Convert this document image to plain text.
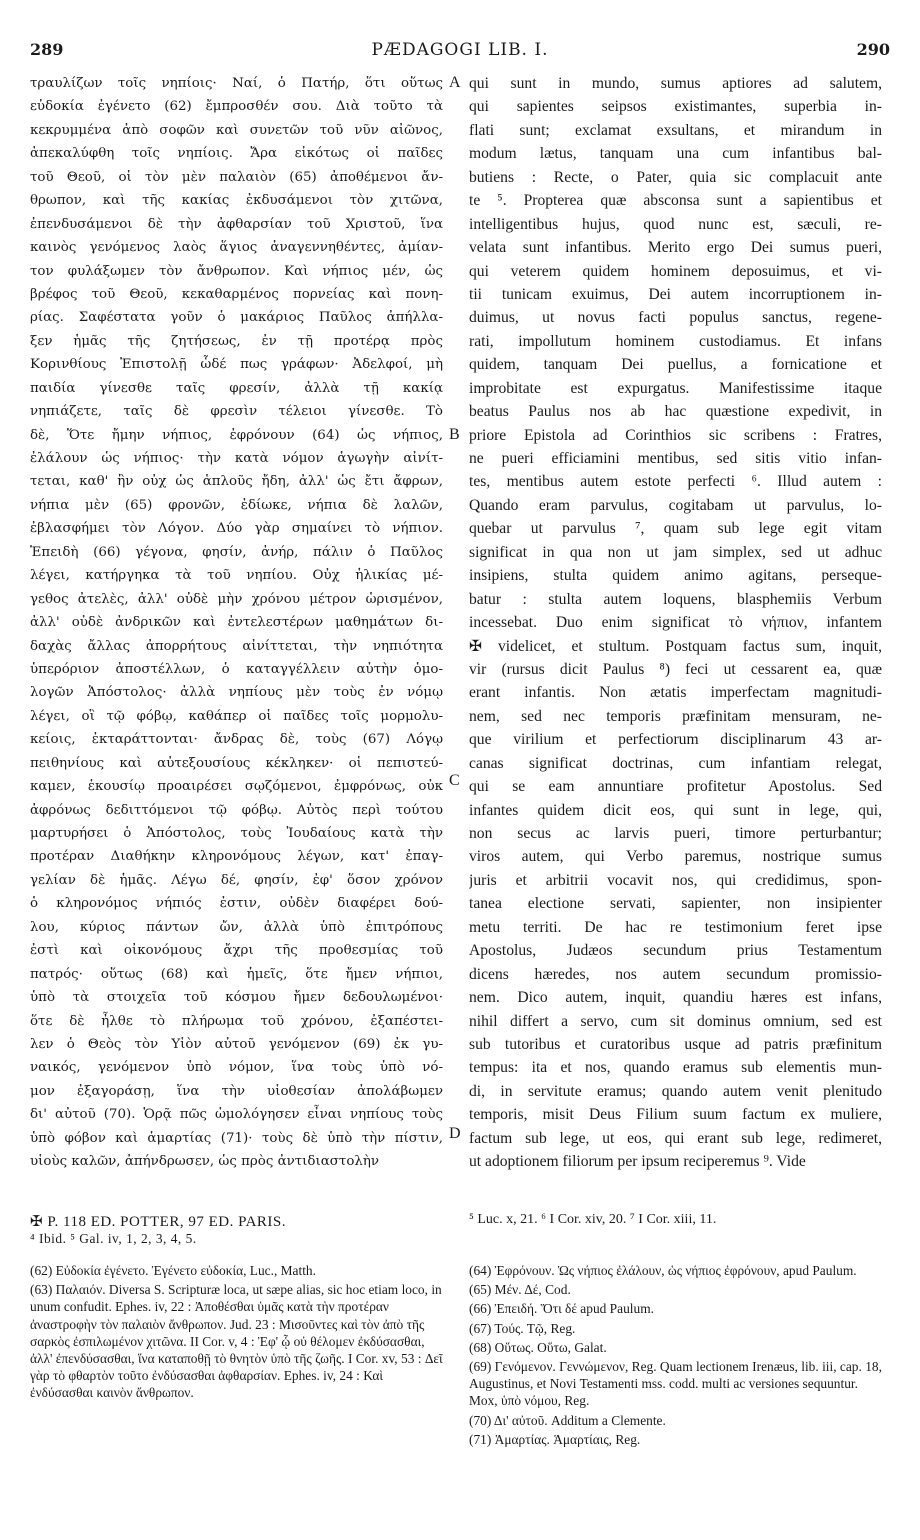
289	PÆDAGOGI LIB. I.	290
τραυλίζων τοῖς νηπίοις· Ναί, ὁ Πατήρ, ὅτι οὕτως
εὐδοκία ἐγένετο (62) ἔμπροσθέν σου. Διὰ τοῦτο τὰ
κεκρυμμένα ἀπὸ σοφῶν καὶ συνετῶν τοῦ νῦν αἰῶνος,
ἀπεκαλύφθη τοῖς νηπίοις. Ἄρα εἰκότως οἱ παῖδες
τοῦ Θεοῦ, οἱ τὸν μὲν παλαιὸν (65) ἀποθέμενοι ἄν-
θρωπον, καὶ τῆς κακίας ἐκδυσάμενοι τὸν χιτῶνα,
ἐπενδυσάμενοι δὲ τὴν ἀφθαρσίαν τοῦ Χριστοῦ, ἵνα
καινὸς γενόμενος λαὸς ἅγιος ἀναγεννηθέντες, ἀμίαν-
τον φυλάξωμεν τὸν ἄνθρωπον. Καὶ νήπιος μέν, ὡς
βρέφος τοῦ Θεοῦ, κεκαθαρμένος πορνείας καὶ πονη-
ρίας. Σαφέστατα γοῦν ὁ μακάριος Παῦλος ἀπήλλα-
ξεν ἡμᾶς τῆς ζητήσεως, ἐν τῇ προτέρᾳ πρὸς
Κορινθίους Ἐπιστολῇ ὧδέ πως γράφων· Ἀδελφοί, μὴ
παιδία γίνεσθε ταῖς φρεσίν, ἀλλὰ τῇ κακίᾳ
νηπιάζετε, ταῖς δὲ φρεσὶν τέλειοι γίνεσθε. Τὸ
δὲ, Ὅτε ἤμην νήπιος, ἐφρόνουν (64) ὡς νήπιος,
ἐλάλουν ὡς νήπιος· τὴν κατὰ νόμον ἀγωγὴν αἰνίτ-
τεται, καθ' ἣν οὐχ ὡς ἁπλοῦς ἤδη, ἀλλ' ὡς ἔτι ἄφρων,
νήπια μὲν (65) φρονῶν, ἐδίωκε, νήπια δὲ λαλῶν,
ἐβλασφήμει τὸν Λόγον. Δύο γὰρ σημαίνει τὸ νήπιον.
Ἐπειδὴ (66) γέγονα, φησίν, ἀνήρ, πάλιν ὁ Παῦλος
λέγει, κατήργηκα τὰ τοῦ νηπίου. Οὐχ ἡλικίας μέ-
γεθος ἀτελὲς, ἀλλ' οὐδὲ μὴν χρόνου μέτρον ὡρισμένον,
ἀλλ' οὐδὲ ἀνδρικῶν καὶ ἐντελεστέρων μαθημάτων δι-
δαχὰς ἄλλας ἀπορρήτους αἰνίττεται, τὴν νηπιότητα
ὑπερόριον ἀποστέλλων, ὁ καταγγέλλειν αὐτὴν ὁμο-
λογῶν Ἀπόστολος· ἀλλὰ νηπίους μὲν τοὺς ἐν νόμῳ
λέγει, οἳ τῷ φόβῳ, καθάπερ οἱ παῖδες τοῖς μορμολυ-
κείοις, ἐκταράττονται· ἄνδρας δὲ, τοὺς (67) Λόγῳ
πειθηνίους καὶ αὐτεξουσίους κέκληκεν· οἱ πεπιστεύ-
καμεν, ἑκουσίῳ προαιρέσει σῳζόμενοι, ἐμφρόνως, οὐκ
ἀφρόνως δεδιττόμενοι τῷ φόβῳ. Αὐτὸς περὶ τούτου
μαρτυρήσει ὁ Ἀπόστολος, τοὺς Ἰουδαίους κατὰ τὴν
προτέραν Διαθήκην κληρονόμους λέγων, κατ' ἐπαγ-
γελίαν δὲ ἡμᾶς. Λέγω δέ, φησίν, ἐφ' ὅσον χρόνον
ὁ κληρονόμος νήπιός ἐστιν, οὐδὲν διαφέρει δού-
λου, κύριος πάντων ὤν, ἀλλὰ ὑπὸ ἐπιτρόπους
ἐστὶ καὶ οἰκονόμους ἄχρι τῆς προθεσμίας τοῦ
πατρός· οὕτως (68) καὶ ἡμεῖς, ὅτε ἤμεν νήπιοι,
ὑπὸ τὰ στοιχεῖα τοῦ κόσμου ἤμεν δεδουλωμένοι·
ὅτε δὲ ἦλθε τὸ πλήρωμα τοῦ χρόνου, ἐξαπέστει-
λεν ὁ Θεὸς τὸν Υἱὸν αὐτοῦ γενόμενον (69) ἐκ γυ-
ναικός, γενόμενον ὑπὸ νόμον, ἵνα τοὺς ὑπὸ νό-
μον ἐξαγοράσῃ, ἵνα τὴν υἱοθεσίαν ἀπολάβωμεν
δι' αὐτοῦ (70). Ὁρᾷ πῶς ὡμολόγησεν εἶναι νηπίους τοὺς
ὑπὸ φόβον καὶ ἁμαρτίας (71)· τοὺς δὲ ὑπὸ τὴν πίστιν,
υἱοὺς καλῶν, ἀπήνδρωσεν, ὡς πρὸς ἀντιδιαστολὴν
qui sunt in mundo, sumus aptiores ad salutem,
qui sapientes seipsos existimantes, superbia in-
flati sunt; exclamat exsultans, et mirandum in
modum lætus, tanquam una cum infantibus bal-
butiens : Recte, o Pater, quia sic complacuit ante
te ⁵. Propterea quæ absconsa sunt a sapientibus et
intelligentibus hujus, quod nunc est, sæculi, re-
velata sunt infantibus. Merito ergo Dei sumus pueri,
qui veterem quidem hominem deposuimus, et vi-
tii tunicam exuimus, Dei autem incorruptionem in-
duimus, ut novus facti populus sanctus, regene-
rati, impollutum hominem custodiamus. Et infans
quidem, tanquam Dei puellus, a fornicatione et
improbitate est expurgatus. Manifestissime itaque
beatus Paulus nos ab hac quæstione expedivit, in
priore Epistola ad Corinthios sic scribens : Fratres,
ne pueri efficiamini mentibus, sed sitis vitio infan-
tes, mentibus autem estote perfecti ⁶. Illud autem :
Quando eram parvulus, cogitabam ut parvulus, lo-
quebar ut parvulus ⁷, quam sub lege egit vitam
significat in qua non ut jam simplex, sed ut adhuc
insipiens, stulta quidem animo agitans, perseque-
batur : stulta autem loquens, blasphemiis Verbum
incessebat. Duo enim significat τὸ νήπιον, infantem
✠ videlicet, et stultum. Postquam factus sum, inquit,
vir (rursus dicit Paulus ⁸) feci ut cessarent ea, quæ
erant infantis. Non ætatis imperfectam magnitudi-
nem, sed nec temporis præfinitam mensuram, ne-
que virilium et perfectiorum disciplinarum 43 ar-
canas significat doctrinas, cum infantiam relegat,
qui se eam annuntiare profitetur Apostolus. Sed
infantes quidem dicit eos, qui sunt in lege, qui,
non secus ac larvis pueri, timore perturbantur;
viros autem, qui Verbo paremus, nostrique sumus
juris et arbitrii vocavit nos, qui credidimus, spon-
tanea electione servati, sapienter, non insipienter
metu territi. De hac re testimonium feret ipse
Apostolus, Judæos secundum prius Testamentum
dicens hæredes, nos autem secundum promissio-
nem. Dico autem, inquit, quandiu hæres est infans,
nihil differt a servo, cum sit dominus omnium, sed est
sub tutoribus et curatoribus usque ad patris præfinitum
tempus: ita et nos, quando eramus sub elementis mun-
di, in servitute eramus; quando autem venit plenitudo
temporis, misit Deus Filium suum factum ex muliere,
factum sub lege, ut eos, qui erant sub lege, redimeret,
ut adoptionem filiorum per ipsum reciperemus ⁹. Vide
A
B
C
D
✠ P. 118 ED. POTTER, 97 ED. PARIS.
⁴ Ibid. ⁵ Gal. iv, 1, 2, 3, 4, 5.
⁵ Luc. x, 21. ⁶ I Cor. xiv, 20. ⁷ I Cor. xiii, 11.

(62) Εὐδοκία ἐγένετο. Ἐγένετο εὐδοκία, Luc., Matth.

(63) Παλαιόν. Diversa S. Scripturæ loca, ut sæpe alias, sic hoc etiam loco, in unum confudit. Ephes. iv, 22 : Ἀποθέσθαι ὑμᾶς κατὰ τὴν προτέραν ἀναστροφὴν τὸν παλαιὸν ἄνθρωπον. Jud. 23 : Μισοῦντες καὶ τὸν ἀπὸ τῆς σαρκὸς ἐσπιλωμένον χιτῶνα. II Cor. v, 4 : Ἐφ' ᾧ οὐ θέλομεν ἐκδύσασθαι, ἀλλ' ἐπενδύσασθαι, ἵνα καταποθῇ τὸ θνητὸν ὑπὸ τῆς ζωῆς. I Cor. xv, 53 : Δεῖ γὰρ τὸ φθαρτὸν τοῦτο ἐνδύσασθαι ἀφθαρσίαν. Ephes. iv, 24 : Καὶ ἐνδύσασθαι καινὸν ἄνθρωπον.

(64) Ἐφρόνουν. Ὡς νήπιος ἐλάλουν, ὡς νήπιος ἐφρόνουν, apud Paulum.

(65) Μέν. Δέ, Cod.

(66) Ἐπειδή. Ὅτι δέ apud Paulum.

(67) Τούς. Τῷ, Reg.

(68) Οὕτως. Οὕτω, Galat.

(69) Γενόμενον. Γεννώμενον, Reg. Quam lectionem Irenæus, lib. iii, cap. 18, Augustinus, et Novi Testamenti mss. codd. multi ac versiones sequuntur. Mox, ὑπὸ νόμου, Reg.

(70) Δι' αὐτοῦ. Additum a Clemente.

(71) Ἁμαρτίας. Ἁμαρτίαις, Reg.
